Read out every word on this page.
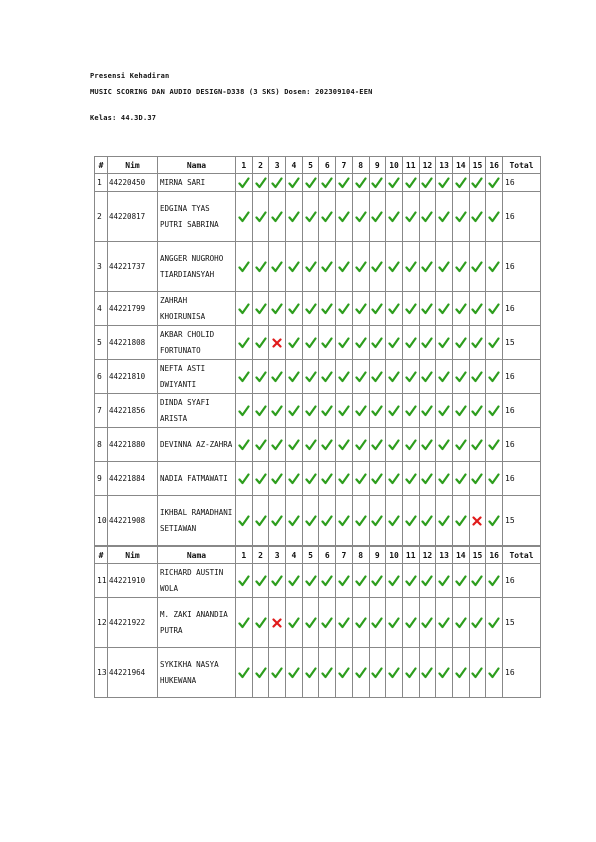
Presensi Kehadiran
MUSIC SCORING DAN AUDIO DESIGN-D338 (3 SKS) Dosen: 202309104-EEN
Kelas: 44.3D.37
#	Nim	Nama	1	2	3	4	5	6	7	8	9	10	11	12	13	14	15	16	Total
1	44220450	MIRNA SARI																	16
2	44220817	EDGINA TYAS PUTRI SABRINA																	16
3	44221737	ANGGER NUGROHO TIARDIANSYAH																	16
4	44221799	ZAHRAH KHOIRUNISA																	16
5	44221808	AKBAR CHOLID FORTUNATO																	15
6	44221810	NEFTA ASTI DWIYANTI																	16
7	44221856	DINDA SYAFI ARISTA																	16
8	44221880	DEVINNA AZ-ZAHRA																	16
9	44221884	NADIA FATMAWATI																	16
10	44221908	IKHBAL RAMADHANI SETIAWAN																	15
#	Nim	Nama	1	2	3	4	5	6	7	8	9	10	11	12	13	14	15	16	Total
11	44221910	RICHARD AUSTIN WOLA																	16
12	44221922	M. ZAKI ANANDIA PUTRA																	15
13	44221964	SYKIKHA NASYA HUKEWANA																	16
